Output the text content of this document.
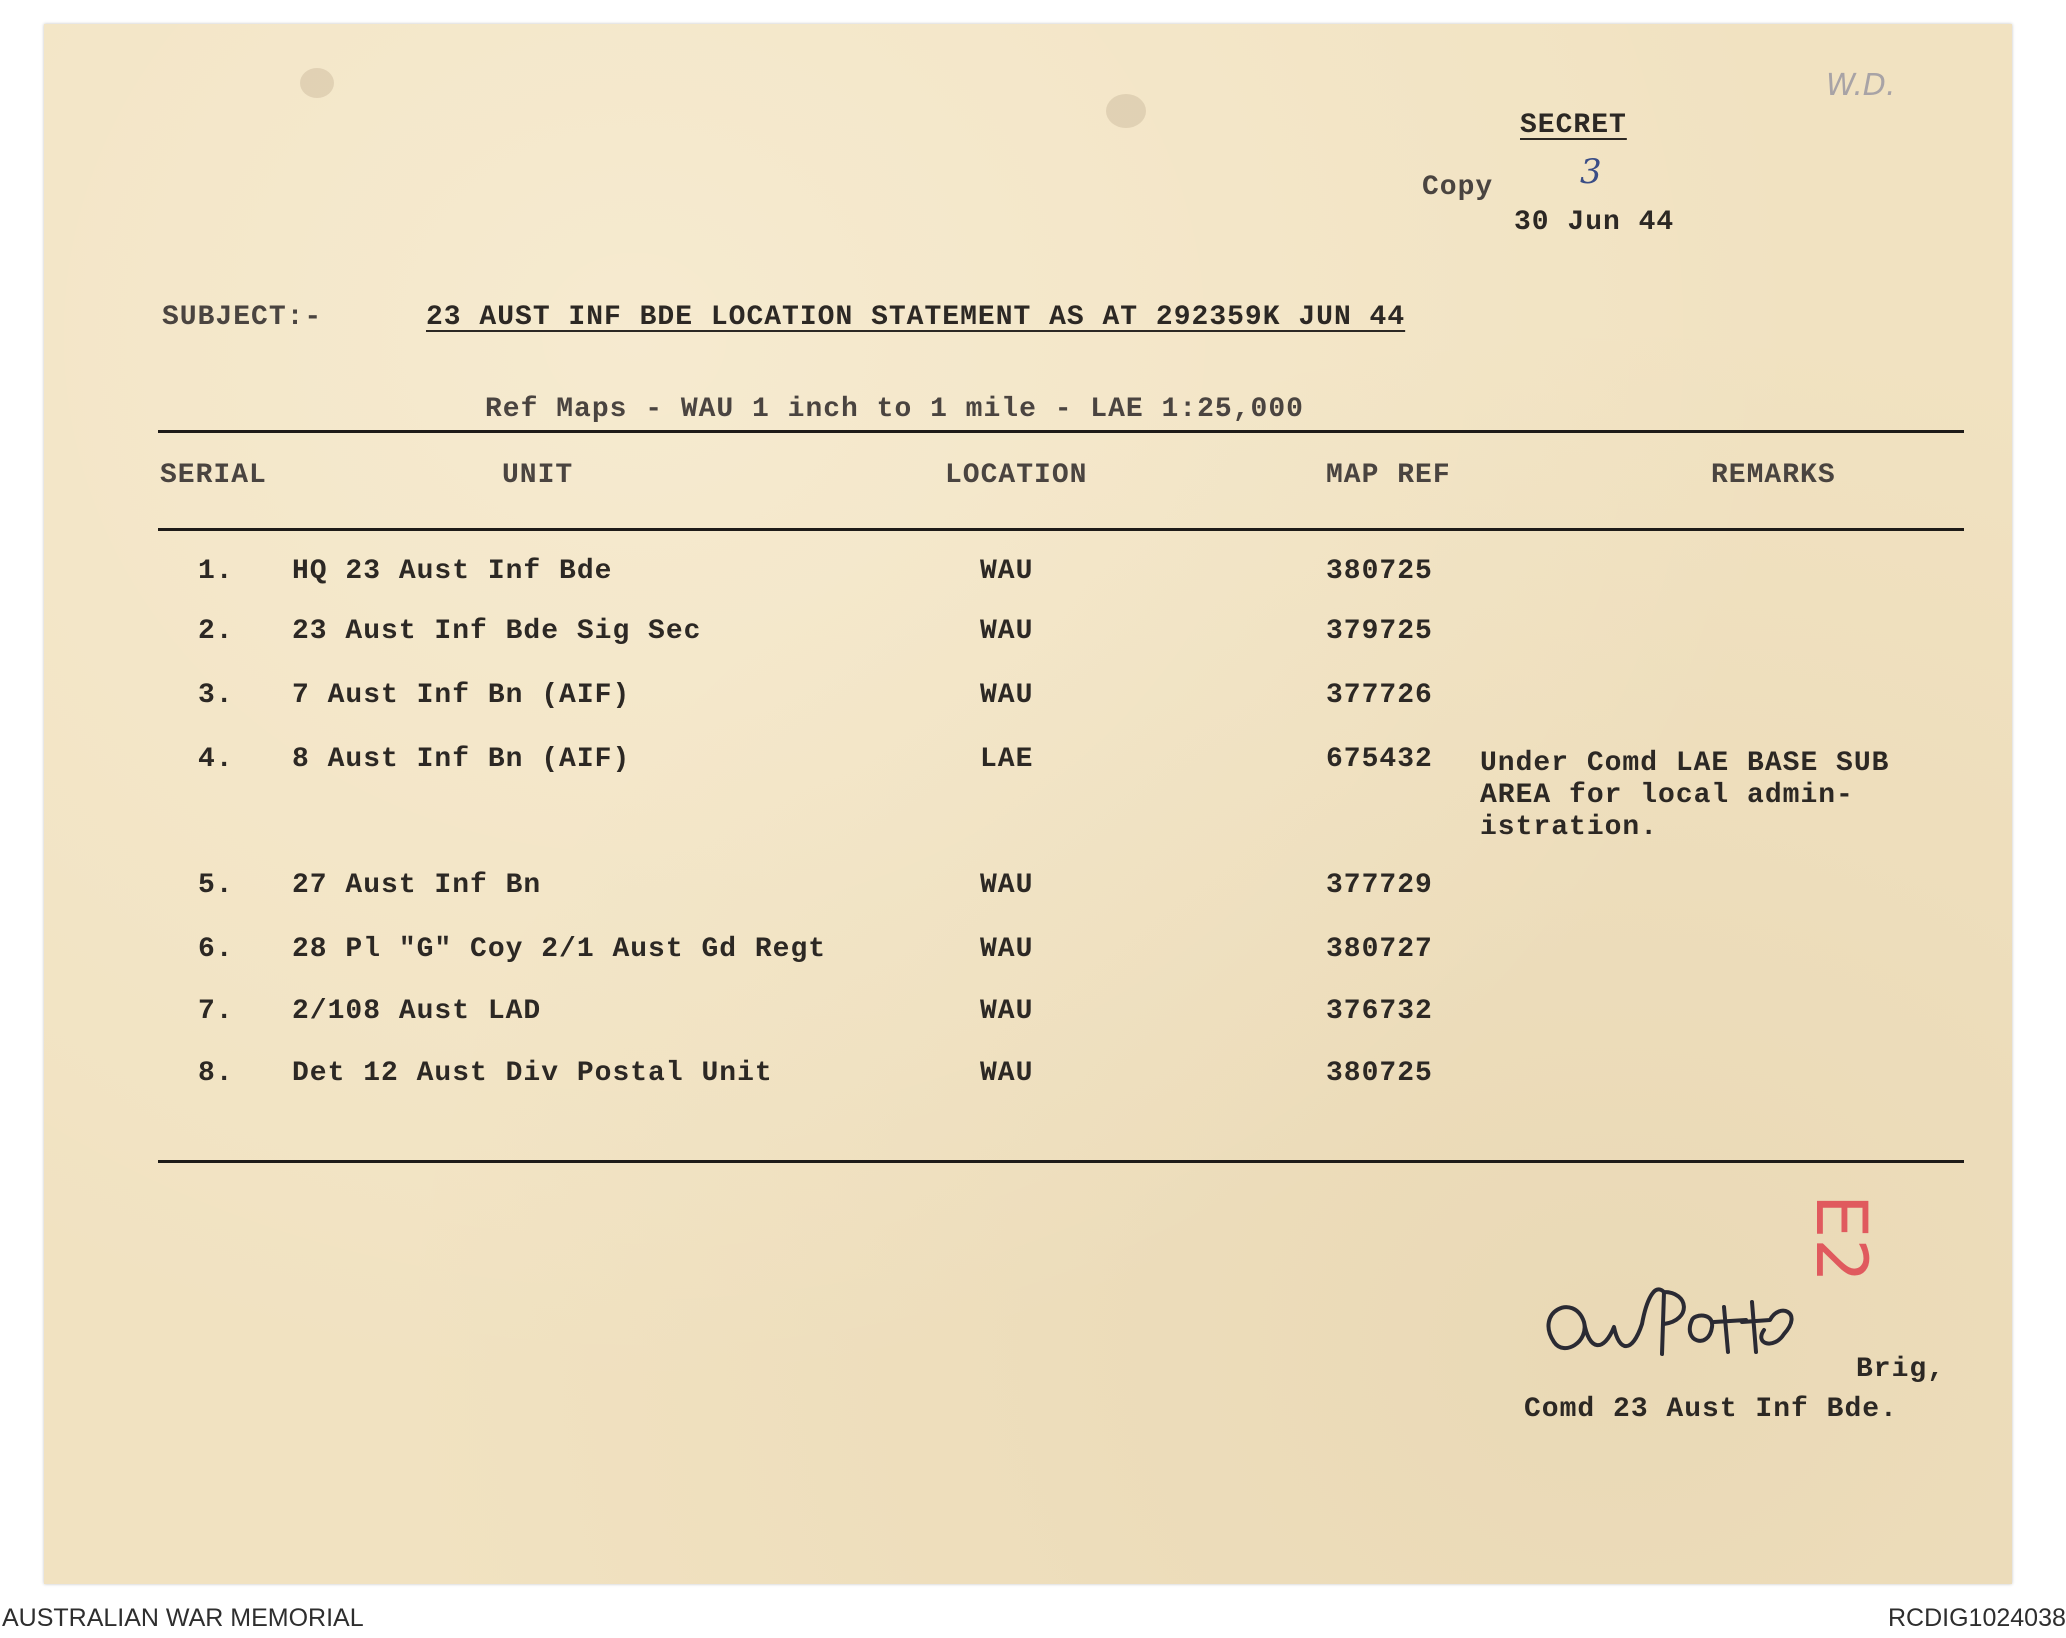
W.D.
SECRET
Copy	3
30 Jun 44
SUBJECT:-	23 AUST INF BDE LOCATION STATEMENT AS AT 292359K JUN 44
Ref Maps - WAU 1 inch to 1 mile - LAE 1:25,000
SERIAL	UNIT	LOCATION	MAP REF	REMARKS
1. HQ 23 Aust Inf Bde	WAU	380725
2. 23 Aust Inf Bde Sig Sec	WAU	379725
3. 7 Aust Inf Bn (AIF)	WAU	377726
4. 8 Aust Inf Bn (AIF)	LAE	675432 Under Comd LAE BASE SUB
AREA for local admin-
istration.
5. 27 Aust Inf Bn	WAU	377729
6. 28 Pl "G" Coy 2/1 Aust Gd Regt	WAU	380727
7. 2/108 Aust LAD	WAU	376732
8. Det 12 Aust Div Postal Unit	WAU	380725
E2
Brig,
Comd 23 Aust Inf Bde.
AUSTRALIAN WAR MEMORIAL	RCDIG1024038
